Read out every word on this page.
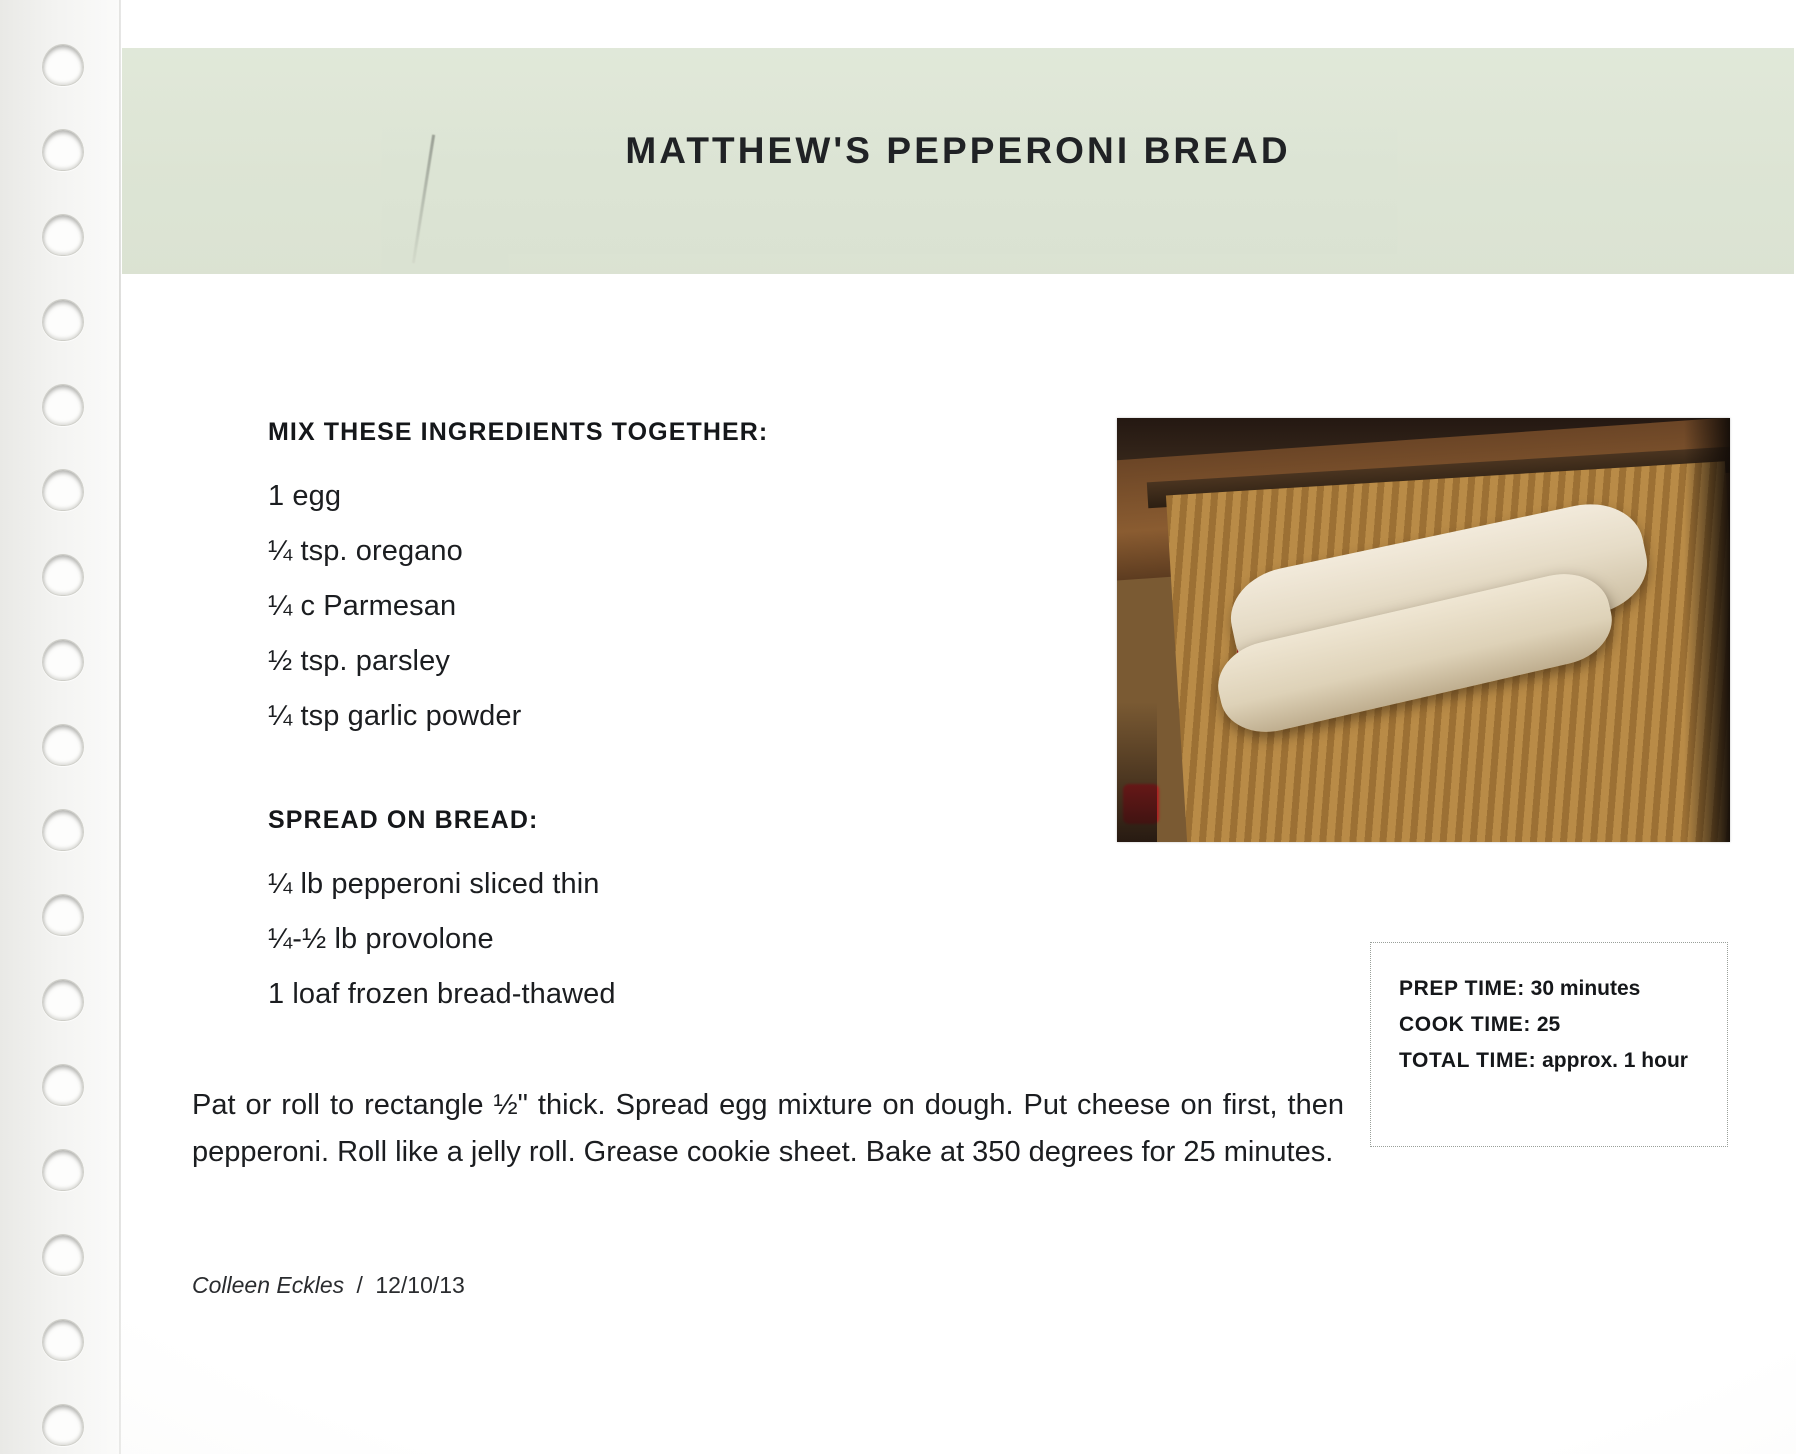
MATTHEW'S PEPPERONI BREAD
MIX THESE INGREDIENTS TOGETHER:
1 egg
¼ tsp. oregano
¼ c Parmesan
½ tsp. parsley
¼ tsp garlic powder
SPREAD ON BREAD:
¼ lb pepperoni sliced thin
¼-½ lb provolone
1 loaf frozen bread-thawed	PREP TIME: 30 minutes
COOK TIME: 25
TOTAL TIME: approx. 1 hour
Pat or roll to rectangle ½" thick. Spread egg mixture on dough. Put cheese on first, then pepperoni. Roll like a jelly roll. Grease cookie sheet. Bake at 350 degrees for 25 minutes.
Colleen Eckles / 12/10/13
